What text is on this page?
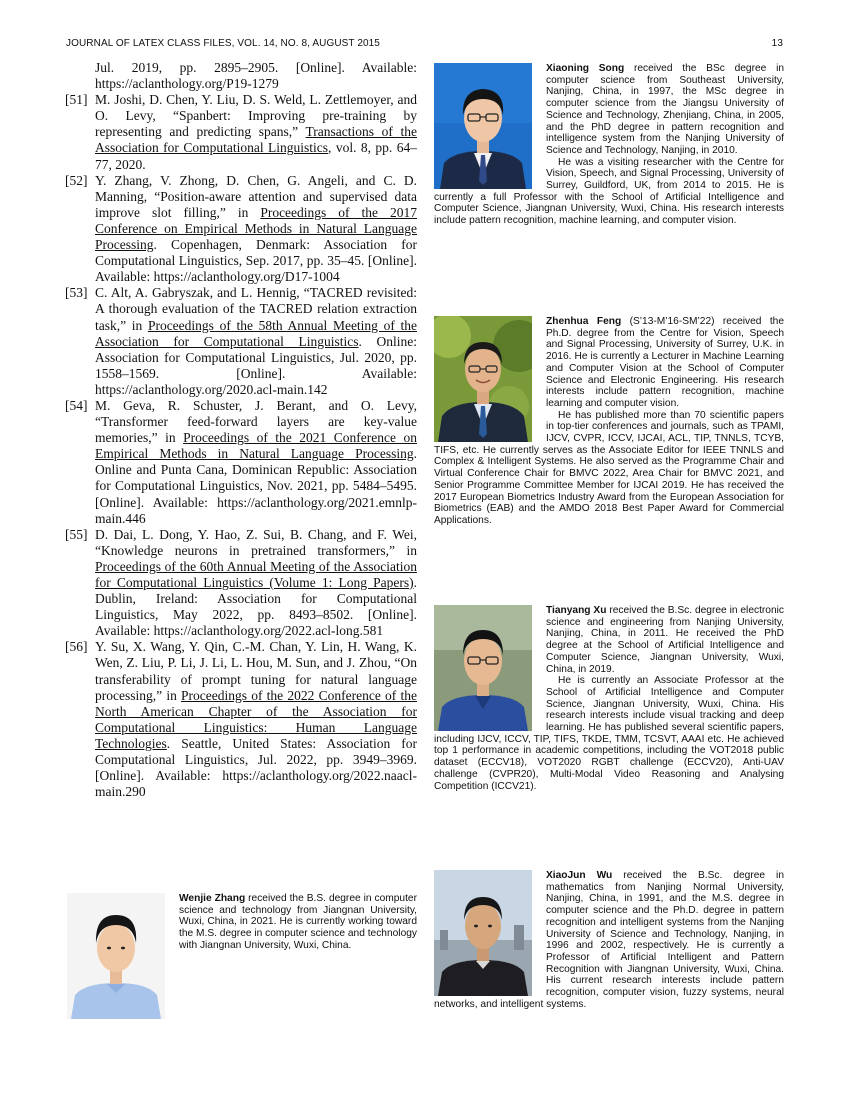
JOURNAL OF LATEX CLASS FILES, VOL. 14, NO. 8, AUGUST 2015	13
Jul. 2019, pp. 2895–2905. [Online]. Available: https://aclanthology.org/P19-1279
[51] M. Joshi, D. Chen, Y. Liu, D. S. Weld, L. Zettlemoyer, and O. Levy, “Spanbert: Improving pre-training by representing and predicting spans,” Transactions of the Association for Computational Linguistics, vol. 8, pp. 64–77, 2020.
[52] Y. Zhang, V. Zhong, D. Chen, G. Angeli, and C. D. Manning, “Position-aware attention and supervised data improve slot filling,” in Proceedings of the 2017 Conference on Empirical Methods in Natural Language Processing. Copenhagen, Denmark: Association for Computational Linguistics, Sep. 2017, pp. 35–45. [Online]. Available: https://aclanthology.org/D17-1004
[53] C. Alt, A. Gabryszak, and L. Hennig, “TACRED revisited: A thorough evaluation of the TACRED relation extraction task,” in Proceedings of the 58th Annual Meeting of the Association for Computational Linguistics. Online: Association for Computational Linguistics, Jul. 2020, pp. 1558–1569. [Online]. Available: https://aclanthology.org/2020.acl-main.142
[54] M. Geva, R. Schuster, J. Berant, and O. Levy, “Transformer feed-forward layers are key-value memories,” in Proceedings of the 2021 Conference on Empirical Methods in Natural Language Processing. Online and Punta Cana, Dominican Republic: Association for Computational Linguistics, Nov. 2021, pp. 5484–5495. [Online]. Available: https://aclanthology.org/2021.emnlp-main.446
[55] D. Dai, L. Dong, Y. Hao, Z. Sui, B. Chang, and F. Wei, “Knowledge neurons in pretrained transformers,” in Proceedings of the 60th Annual Meeting of the Association for Computational Linguistics (Volume 1: Long Papers). Dublin, Ireland: Association for Computational Linguistics, May 2022, pp. 8493–8502. [Online]. Available: https://aclanthology.org/2022.acl-long.581
[56] Y. Su, X. Wang, Y. Qin, C.-M. Chan, Y. Lin, H. Wang, K. Wen, Z. Liu, P. Li, J. Li, L. Hou, M. Sun, and J. Zhou, “On transferability of prompt tuning for natural language processing,” in Proceedings of the 2022 Conference of the North American Chapter of the Association for Computational Linguistics: Human Language Technologies. Seattle, United States: Association for Computational Linguistics, Jul. 2022, pp. 3949–3969. [Online]. Available: https://aclanthology.org/2022.naacl-main.290

Xiaoning Song received the BSc degree in computer science from Southeast University, Nanjing, China, in 1997, the MSc degree in computer science from the Jiangsu University of Science and Technology, Zhenjiang, China, in 2005, and the PhD degree in pattern recognition and intelligence system from the Nanjing University of Science and Technology, Nanjing, in 2010.

He was a visiting researcher with the Centre for Vision, Speech, and Signal Processing, University of Surrey, Guildford, UK, from 2014 to 2015. He is currently a full Professor with the School of Artificial Intelligence and Computer Science, Jiangnan University, Wuxi, China. His research interests include pattern recognition, machine learning, and computer vision.

Zhenhua Feng (S’13-M’16-SM’22) received the Ph.D. degree from the Centre for Vision, Speech and Signal Processing, University of Surrey, U.K. in 2016. He is currently a Lecturer in Machine Learning and Computer Vision at the School of Computer Science and Electronic Engineering. His research interests include pattern recognition, machine learning and computer vision.

He has published more than 70 scientific papers in top-tier conferences and journals, such as TPAMI, IJCV, CVPR, ICCV, IJCAI, ACL, TIP, TNNLS, TCYB, TIFS, etc. He currently serves as the Associate Editor for IEEE TNNLS and Complex & Intelligent Systems. He also served as the Programme Chair and Virtual Conference Chair for BMVC 2022, Area Chair for BMVC 2021, and Senior Programme Committee Member for IJCAI 2019. He has received the 2017 European Biometrics Industry Award from the European Association for Biometrics (EAB) and the AMDO 2018 Best Paper Award for Commercial Applications.

Tianyang Xu received the B.Sc. degree in electronic science and engineering from Nanjing University, Nanjing, China, in 2011. He received the PhD degree at the School of Artificial Intelligence and Computer Science, Jiangnan University, Wuxi, China, in 2019.

He is currently an Associate Professor at the School of Artificial Intelligence and Computer Science, Jiangnan University, Wuxi, China. His research interests include visual tracking and deep learning. He has published several scientific papers, including IJCV, ICCV, TIP, TIFS, TKDE, TMM, TCSVT, AAAI etc. He achieved top 1 performance in academic competitions, including the VOT2018 public dataset (ECCV18), VOT2020 RGBT challenge (ECCV20), Anti-UAV challenge (CVPR20), Multi-Modal Video Reasoning and Analysing Competition (ICCV21).

Wenjie Zhang received the B.S. degree in computer science and technology from Jiangnan University, Wuxi, China, in 2021. He is currently working toward the M.S. degree in computer science and technology with Jiangnan University, Wuxi, China.

XiaoJun Wu received the B.Sc. degree in mathematics from Nanjing Normal University, Nanjing, China, in 1991, and the M.S. degree in computer science and the Ph.D. degree in pattern recognition and intelligent systems from the Nanjing University of Science and Technology, Nanjing, in 1996 and 2002, respectively. He is currently a Professor of Artificial Intelligent and Pattern Recognition with Jiangnan University, Wuxi, China. His current research interests include pattern recognition, computer vision, fuzzy systems, neural networks, and intelligent systems.
